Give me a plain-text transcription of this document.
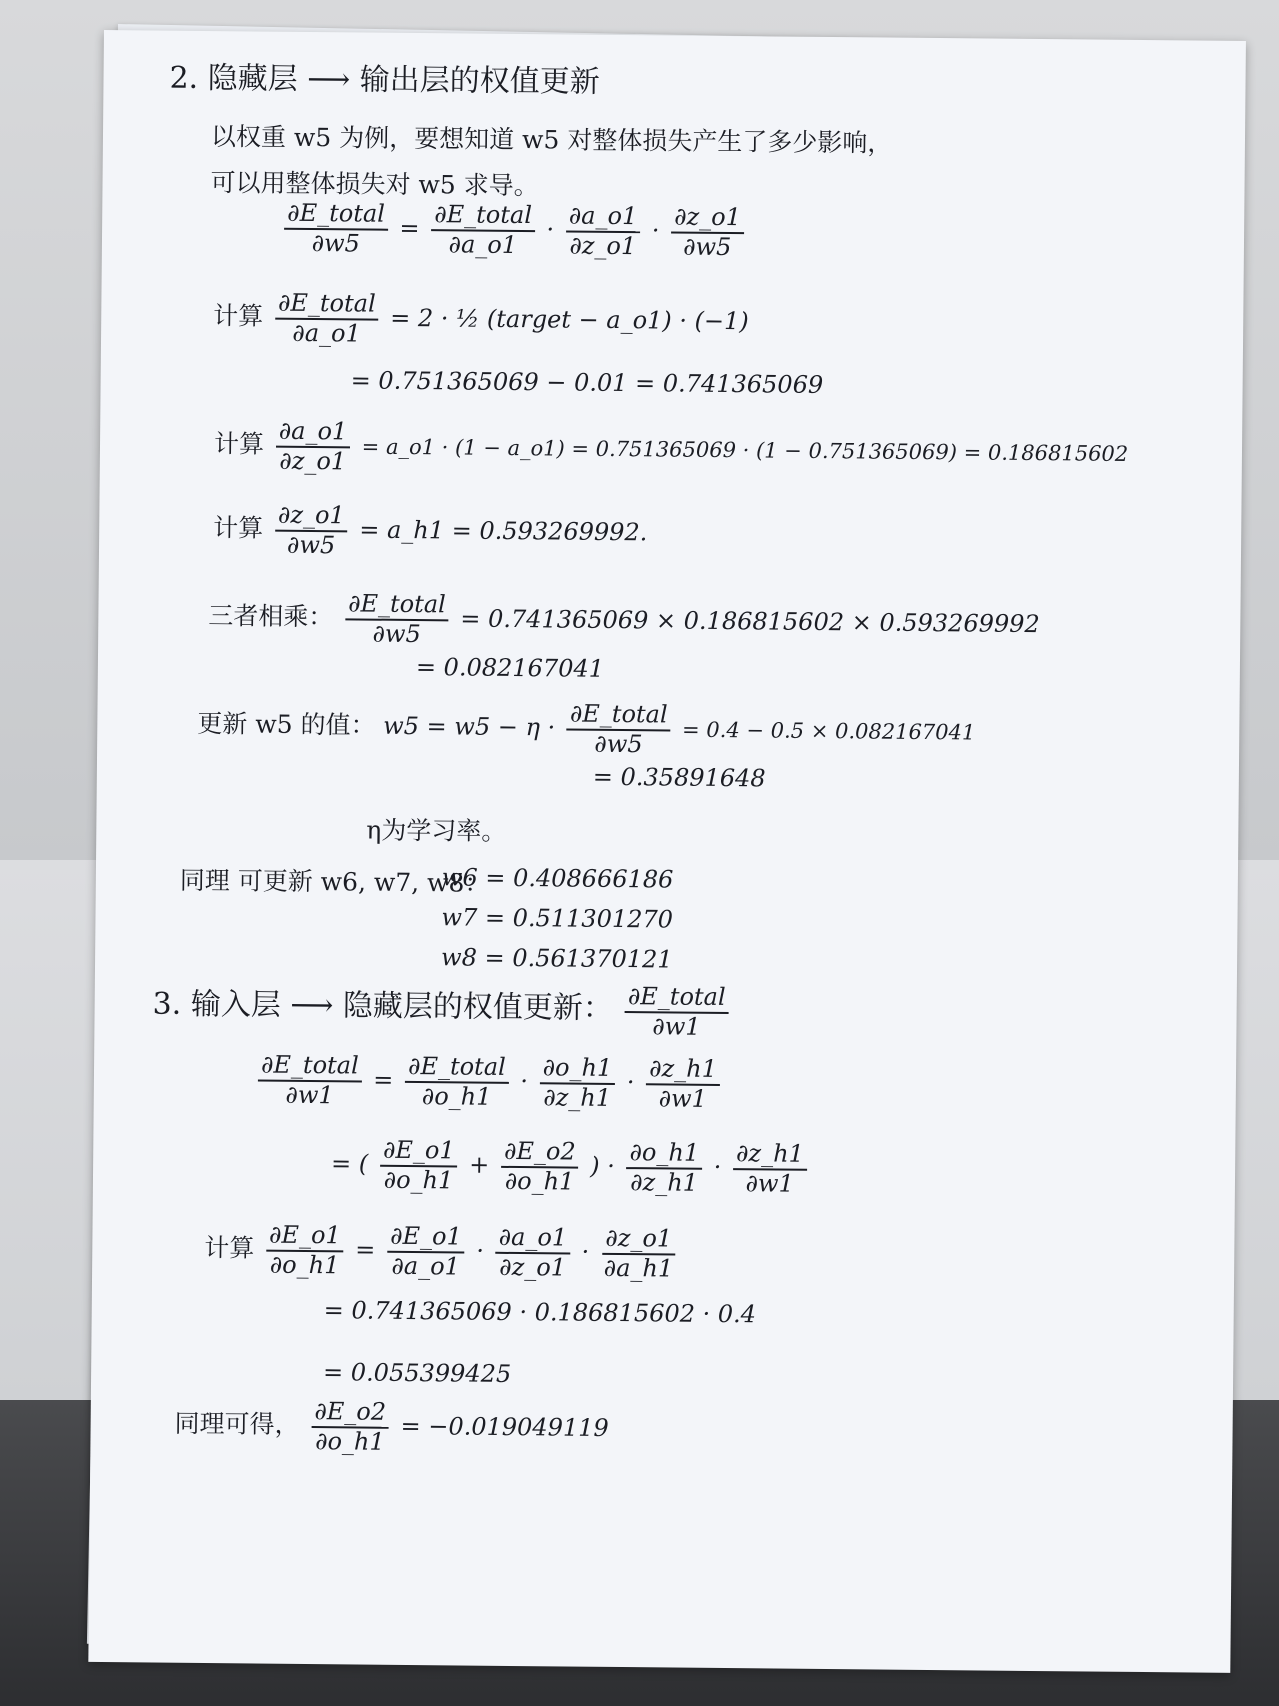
2. 隐藏层 ⟶ 输出层的权值更新
以权重 w5 为例，要想知道 w5 对整体损失产生了多少影响，
可以用整体损失对 w5 求导。
$\frac{\text{∂E\_total}}{\partial w5} = \frac{\text{∂E\_total}}{\partial a\_o1} \cdot \frac{\partial a\_o1}{\partial z\_o1} \cdot \frac{\partial z\_o1}{\partial w5}$
计算 $\frac{\text{∂E\_total}}{\partial a\_o1} = 2$ · ½ (target − a_o1) · (−1)
= 0.751365069 − 0.01 = 0.741365069
计算 $\frac{\partial a\_o1}{\partial z\_o1}$ = a_o1 · (1 − a_o1) = 0.751365069 · (1 − 0.751365069) = 0.186815602
计算 $\frac{\partial z\_o1}{\partial w5}$ = a_h1 = 0.593269992.
三者相乘： $\frac{\text{∂E\_total}}{\partial w5} = 0.741365069 \times 0.186815602 \times 0.593269992$
= 0.082167041
更新 w5 的值： $w5 = w5 - \eta \cdot \frac{\text{∂E\_total}}{\partial w5} = 0.4 - 0.5 \times 0.082167041$
= 0.35891648
η为学习率。
同理 可更新 w6, w7, w8：
w6 = 0.408666186
w7 = 0.511301270
w8 = 0.561370121
3. 输入层 ⟶ 隐藏层的权值更新： $\frac{\text{∂E\_total}}{\partial w1}$
$\frac{\text{∂E\_total}}{\partial w1} = \frac{\text{∂E\_total}}{\partial o\_h1} \cdot \frac{\partial o\_h1}{\partial z\_h1} \cdot \frac{\partial z\_h1}{\partial w1}$
= ( $\frac{\partial E\_o1}{\partial o\_h1} + \frac{\partial E\_o2}{\partial o\_h1}$ ) · $\frac{\partial o\_h1}{\partial z\_h1} \cdot \frac{\partial z\_h1}{\partial w1}$
计算 $\frac{\partial E\_o1}{\partial o\_h1} = \frac{\partial E\_o1}{\partial a\_o1} \cdot \frac{\partial a\_o1}{\partial z\_o1} \cdot \frac{\partial z\_o1}{\partial a\_h1}$
= 0.741365069 · 0.186815602 · 0.4
= 0.055399425
同理可得， $\frac{\partial E\_o2}{\partial o\_h1} = -0.019049119$
